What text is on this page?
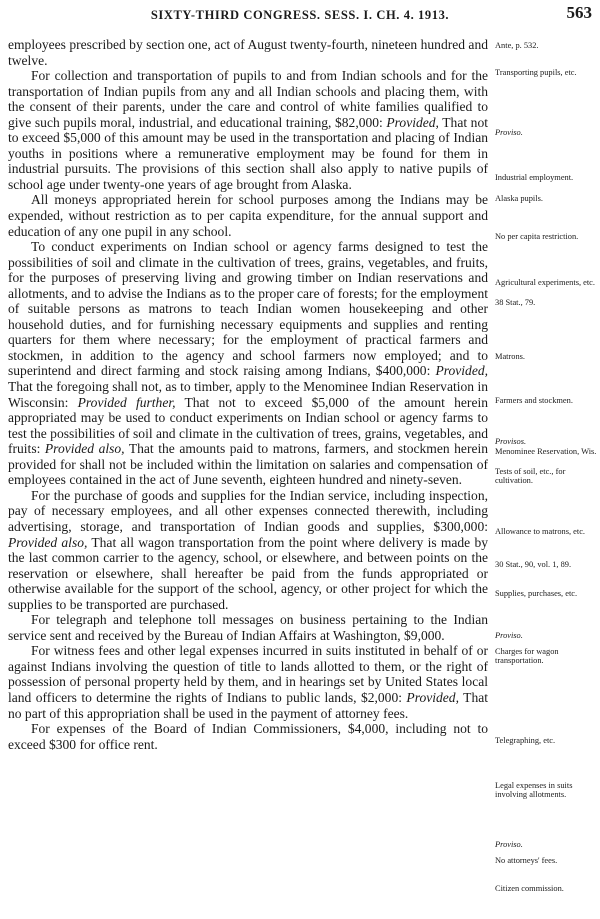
SIXTY-THIRD CONGRESS. SESS. I. CH. 4. 1913.	563

employees prescribed by section one, act of August twenty-fourth, nineteen hundred and twelve.

For collection and transportation of pupils to and from Indian schools and for the transportation of Indian pupils from any and all Indian schools and placing them, with the consent of their parents, under the care and control of white families qualified to give such pupils moral, industrial, and educational training, $82,000: Provided, That not to exceed $5,000 of this amount may be used in the transportation and placing of Indian youths in positions where a remunerative employment may be found for them in industrial pursuits. The provisions of this section shall also apply to native pupils of school age under twenty-one years of age brought from Alaska.

All moneys appropriated herein for school purposes among the Indians may be expended, without restriction as to per capita expenditure, for the annual support and education of any one pupil in any school.

To conduct experiments on Indian school or agency farms designed to test the possibilities of soil and climate in the cultivation of trees, grains, vegetables, and fruits, for the purposes of preserving living and growing timber on Indian reservations and allotments, and to advise the Indians as to the proper care of forests; for the employment of suitable persons as matrons to teach Indian women housekeeping and other household duties, and for furnishing necessary equipments and supplies and renting quarters for them where necessary; for the employment of practical farmers and stockmen, in addition to the agency and school farmers now employed; and to superintend and direct farming and stock raising among Indians, $400,000: Provided, That the foregoing shall not, as to timber, apply to the Menominee Indian Reservation in Wisconsin: Provided further, That not to exceed $5,000 of the amount herein appropriated may be used to conduct experiments on Indian school or agency farms to test the possibilities of soil and climate in the cultivation of trees, grains, vegetables, and fruits: Provided also, That the amounts paid to matrons, farmers, and stockmen herein provided for shall not be included within the limitation on salaries and compensation of employees contained in the act of June seventh, eighteen hundred and ninety-seven.

For the purchase of goods and supplies for the Indian service, including inspection, pay of necessary employees, and all other expenses connected therewith, including advertising, storage, and transportation of Indian goods and supplies, $300,000: Provided also, That all wagon transportation from the point where delivery is made by the last common carrier to the agency, school, or elsewhere, and between points on the reservation or elsewhere, shall hereafter be paid from the funds appropriated or otherwise available for the support of the school, agency, or other project for which the supplies to be transported are purchased.

For telegraph and telephone toll messages on business pertaining to the Indian service sent and received by the Bureau of Indian Affairs at Washington, $9,000.

For witness fees and other legal expenses incurred in suits instituted in behalf of or against Indians involving the question of title to lands allotted to them, or the right of possession of personal property held by them, and in hearings set by United States local land officers to determine the rights of Indians to public lands, $2,000: Provided, That no part of this appropriation shall be used in the payment of attorney fees.

For expenses of the Board of Indian Commissioners, $4,000, including not to exceed $300 for office rent.

Ante, p. 532.
Transporting pupils, etc.
Proviso.
Industrial employment.
Alaska pupils.
No per capita restriction.
Agricultural experiments, etc.
38 Stat., 79.
Matrons.
Farmers and stockmen.
Provisos.
Menominee Reservation, Wis.
Tests of soil, etc., for cultivation.
Allowance to matrons, etc.
30 Stat., 90, vol. 1, 89.
Supplies, purchases, etc.
Proviso.
Charges for wagon transportation.
Telegraphing, etc.
Legal expenses in suits involving allotments.
Proviso.
No attorneys' fees.
Citizen commission.
